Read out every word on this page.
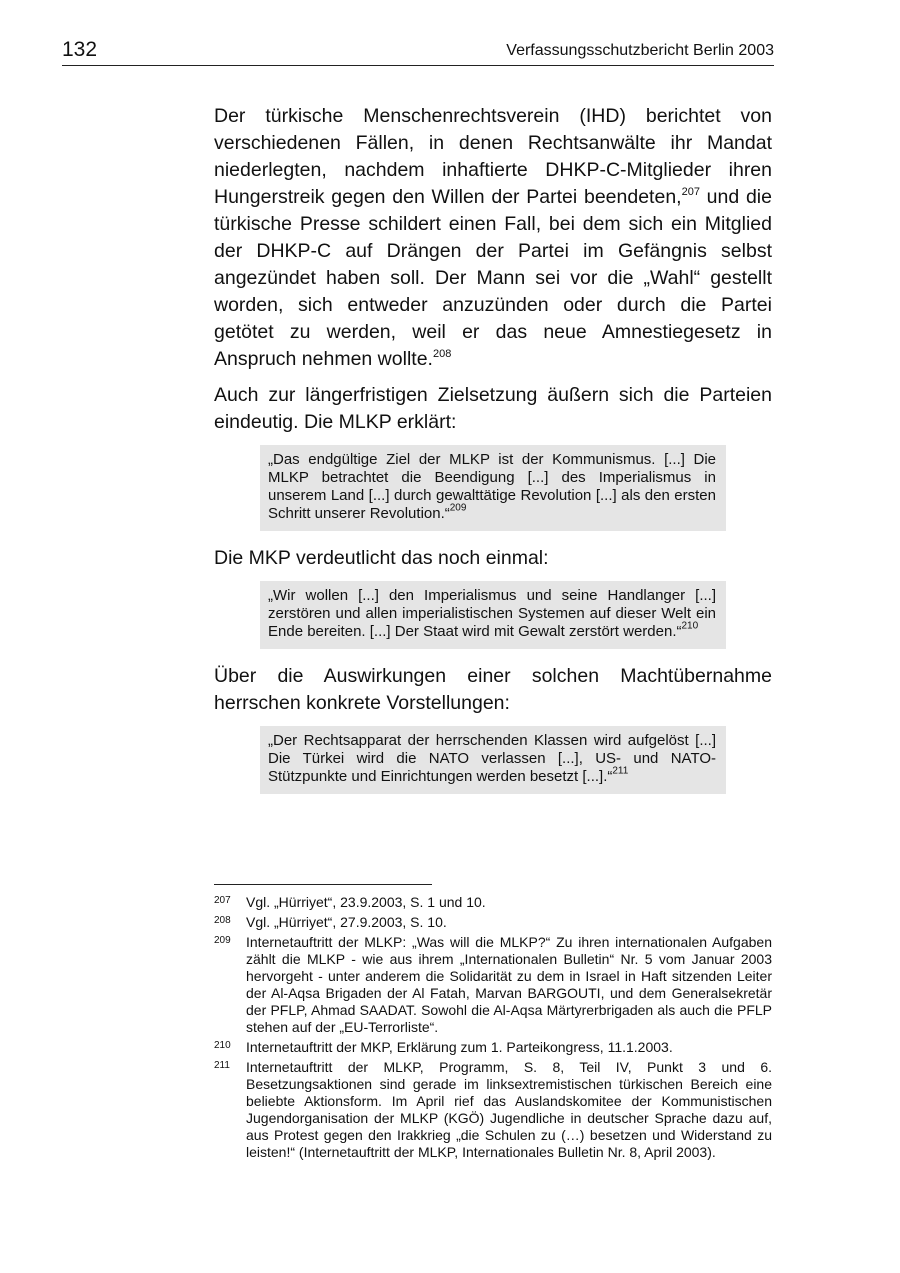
132	Verfassungsschutzbericht Berlin 2003

Der türkische Menschenrechtsverein (IHD) berichtet von verschiedenen Fällen, in denen Rechtsanwälte ihr Mandat niederlegten, nachdem inhaftierte DHKP-C-Mitglieder ihren Hungerstreik gegen den Willen der Partei beendeten,$^{207}$ und die türkische Presse schildert einen Fall, bei dem sich ein Mitglied der DHKP-C auf Drängen der Partei im Gefängnis selbst angezündet haben soll. Der Mann sei vor die „Wahl“ gestellt worden, sich entweder anzuzünden oder durch die Partei getötet zu werden, weil er das neue Amnestiegesetz in Anspruch nehmen wollte.$^{208}$

Auch zur längerfristigen Zielsetzung äußern sich die Parteien eindeutig. Die MLKP erklärt:

„Das endgültige Ziel der MLKP ist der Kommunismus. [...] Die MLKP betrachtet die Beendigung [...] des Imperialismus in unserem Land [...] durch gewalttätige Revolution [...] als den ersten Schritt unserer Revolution.“$^{209}$

Die MKP verdeutlicht das noch einmal:

„Wir wollen [...] den Imperialismus und seine Handlanger [...] zerstören und allen imperialistischen Systemen auf dieser Welt ein Ende bereiten. [...] Der Staat wird mit Gewalt zerstört werden.“$^{210}$

Über die Auswirkungen einer solchen Machtübernahme herrschen konkrete Vorstellungen:

„Der Rechtsapparat der herrschenden Klassen wird aufgelöst [...] Die Türkei wird die NATO verlassen [...], US- und NATO-Stützpunkte und Einrichtungen werden besetzt [...].“$^{211}$
207	Vgl. „Hürriyet“, 23.9.2003, S. 1 und 10.
208	Vgl. „Hürriyet“, 27.9.2003, S. 10.
209	Internetauftritt der MLKP: „Was will die MLKP?“ Zu ihren internationalen Aufgaben zählt die MLKP - wie aus ihrem „Internationalen Bulletin“ Nr. 5 vom Januar 2003 hervorgeht - unter anderem die Solidarität zu dem in Israel in Haft sitzenden Leiter der Al-Aqsa Brigaden der Al Fatah, Marvan BARGOUTI, und dem Generalsekretär der PFLP, Ahmad SAADAT. Sowohl die Al-Aqsa Märtyrerbrigaden als auch die PFLP stehen auf der „EU-Terrorliste“.
210	Internetauftritt der MKP, Erklärung zum 1. Parteikongress, 11.1.2003.
211	Internetauftritt der MLKP, Programm, S. 8, Teil IV, Punkt 3 und 6. Besetzungsaktionen sind gerade im linksextremistischen türkischen Bereich eine beliebte Aktionsform. Im April rief das Auslandskomitee der Kommunistischen Jugendorganisation der MLKP (KGÖ) Jugendliche in deutscher Sprache dazu auf, aus Protest gegen den Irakkrieg „die Schulen zu (…) besetzen und Widerstand zu leisten!“ (Internetauftritt der MLKP, Internationales Bulletin Nr. 8, April 2003).
